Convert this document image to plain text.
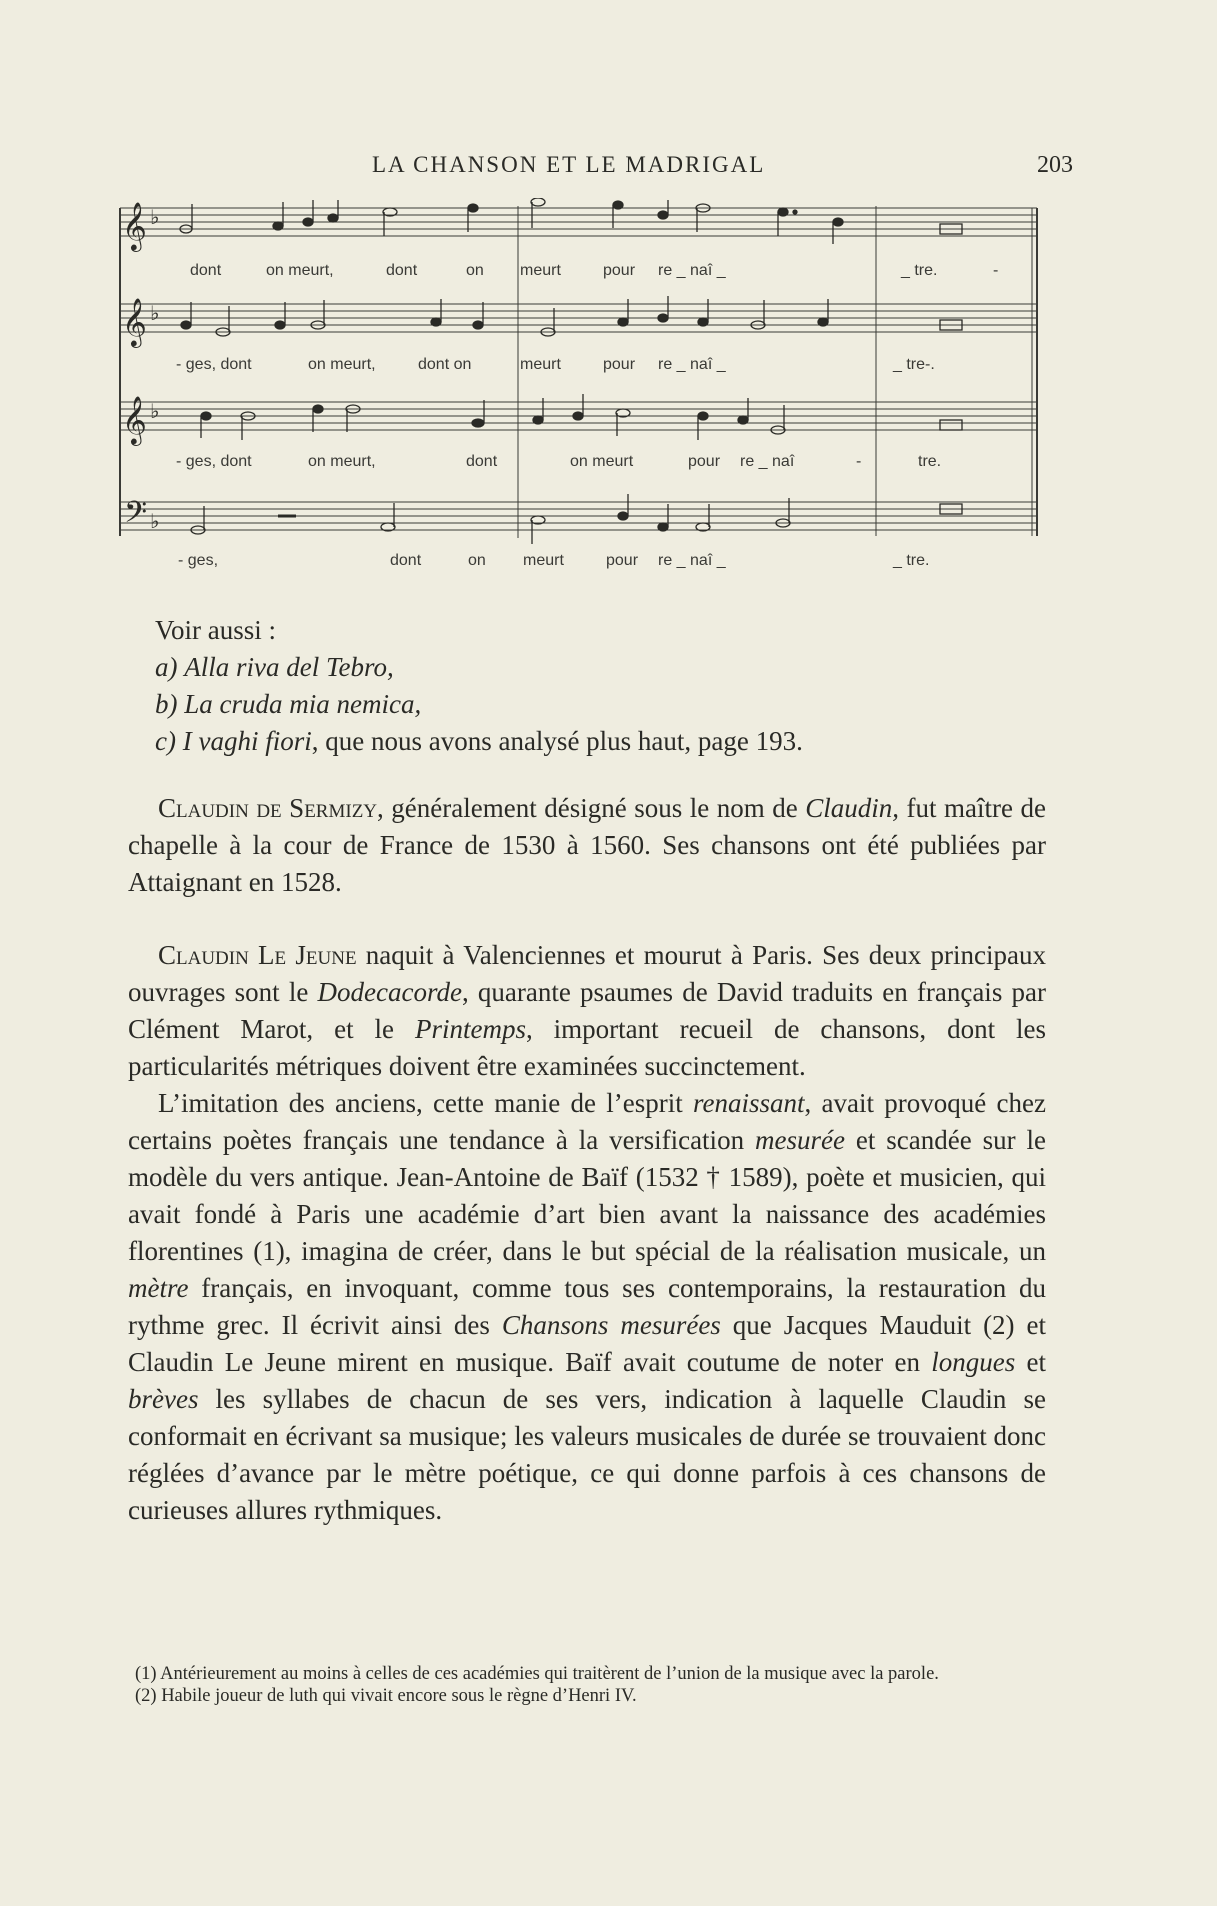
LA CHANSON ET LE MADRIGAL	203
𝄞
𝄞
𝄞
𝄢
♭
♭
♭
♭
dont	on meurt,	dont	on meurt	pour re _ naî _	_ tre.	-
- ges, dont	on meurt,	dont on	meurt	pour re _ naî _	_ tre-.
- ges, dont	on meurt,	dont	on meurt	pour re _ naî	-	tre.
- ges,	dont	on meurt	pour re _ naî _	_ tre.
Voir aussi :
a) Alla riva del Tebro,
b) La cruda mia nemica,
c) I vaghi fiori, que nous avons analysé plus haut, page 193.

Claudin de Sermizy, généralement désigné sous le nom de Claudin, fut maître de chapelle à la cour de France de 1530 à 1560. Ses chansons ont été publiées par Attaignant en 1528.

Claudin Le Jeune naquit à Valenciennes et mourut à Paris. Ses deux principaux ouvrages sont le Dodecacorde, quarante psaumes de David traduits en français par Clément Marot, et le Printemps, important recueil de chansons, dont les particularités métriques doivent être examinées succinctement.

L’imitation des anciens, cette manie de l’esprit renaissant, avait provoqué chez certains poètes français une tendance à la versification mesurée et scandée sur le modèle du vers antique. Jean-Antoine de Baïf (1532 † 1589), poète et musicien, qui avait fondé à Paris une académie d’art bien avant la naissance des académies florentines (1), imagina de créer, dans le but spécial de la réalisation musicale, un mètre français, en invoquant, comme tous ses contemporains, la restauration du rythme grec. Il écrivit ainsi des Chansons mesurées que Jacques Mauduit (2) et Claudin Le Jeune mirent en musique. Baïf avait coutume de noter en longues et brèves les syllabes de chacun de ses vers, indication à laquelle Claudin se conformait en écrivant sa musique; les valeurs musicales de durée se trouvaient donc réglées d’avance par le mètre poétique, ce qui donne parfois à ces chansons de curieuses allures rythmiques.

(1) Antérieurement au moins à celles de ces académies qui traitèrent de l’union de la musique avec la parole.
(2) Habile joueur de luth qui vivait encore sous le règne d’Henri IV.
